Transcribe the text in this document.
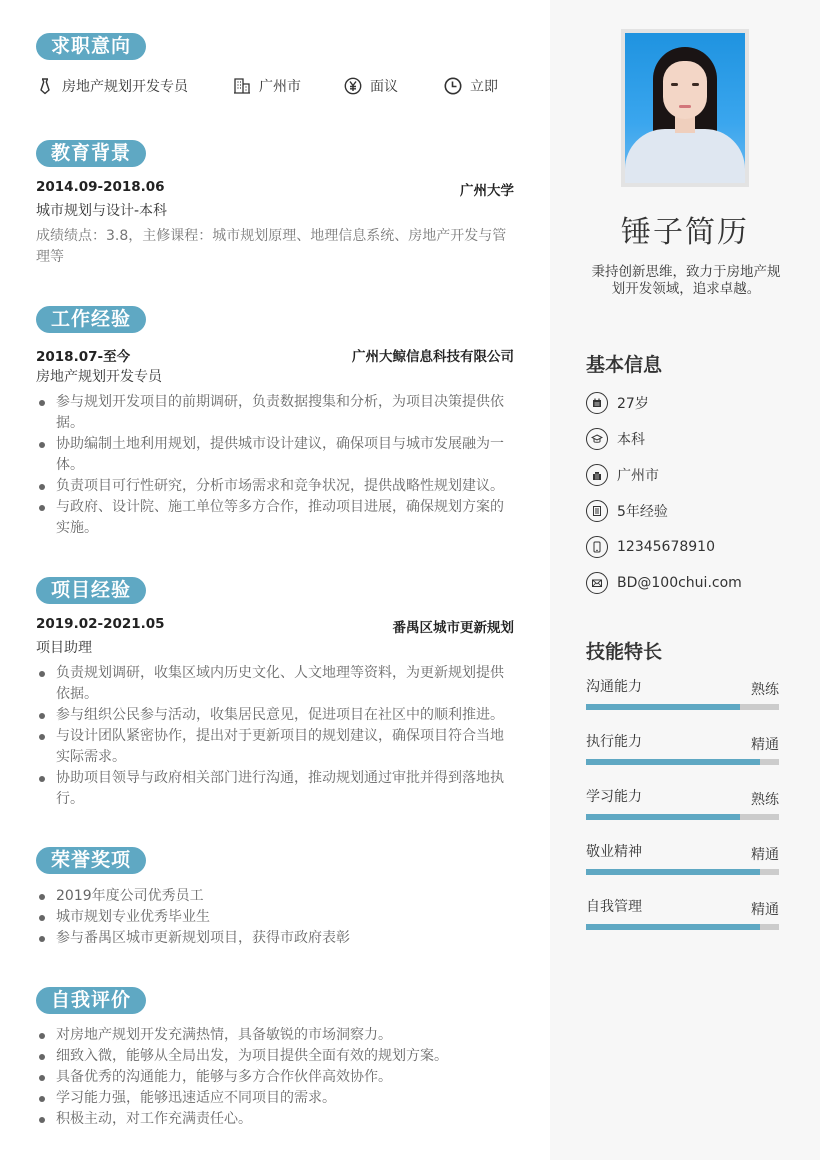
求职意向
房地产规划开发专员	广州市	面议	立即
教育背景
2014.09-2018.06	广州大学
城市规划与设计-本科
成绩绩点：3.8，主修课程：城市规划原理、地理信息系统、房地产开发与管理等
工作经验
2018.07-至今	广州大鲸信息科技有限公司
房地产规划开发专员
参与规划开发项目的前期调研，负责数据搜集和分析，为项目决策提供依据。
协助编制土地利用规划，提供城市设计建议，确保项目与城市发展融为一体。
负责项目可行性研究，分析市场需求和竞争状况，提供战略性规划建议。
与政府、设计院、施工单位等多方合作，推动项目进展，确保规划方案的实施。
项目经验
2019.02-2021.05	番禺区城市更新规划
项目助理
负责规划调研，收集区域内历史文化、人文地理等资料，为更新规划提供依据。
参与组织公民参与活动，收集居民意见，促进项目在社区中的顺利推进。
与设计团队紧密协作，提出对于更新项目的规划建议，确保项目符合当地实际需求。
协助项目领导与政府相关部门进行沟通，推动规划通过审批并得到落地执行。
荣誉奖项
2019年度公司优秀员工
城市规划专业优秀毕业生
参与番禺区城市更新规划项目，获得市政府表彰
自我评价
对房地产规划开发充满热情，具备敏锐的市场洞察力。
细致入微，能够从全局出发，为项目提供全面有效的规划方案。
具备优秀的沟通能力，能够与多方合作伙伴高效协作。
学习能力强，能够迅速适应不同项目的需求。
积极主动，对工作充满责任心。
锤子简历
秉持创新思维，致力于房地产规划开发领域，追求卓越。
基本信息
27岁
本科
广州市
5年经验
12345678910
BD@100chui.com
技能特长
沟通能力	熟练
执行能力	精通
学习能力	熟练
敬业精神	精通
自我管理	精通
